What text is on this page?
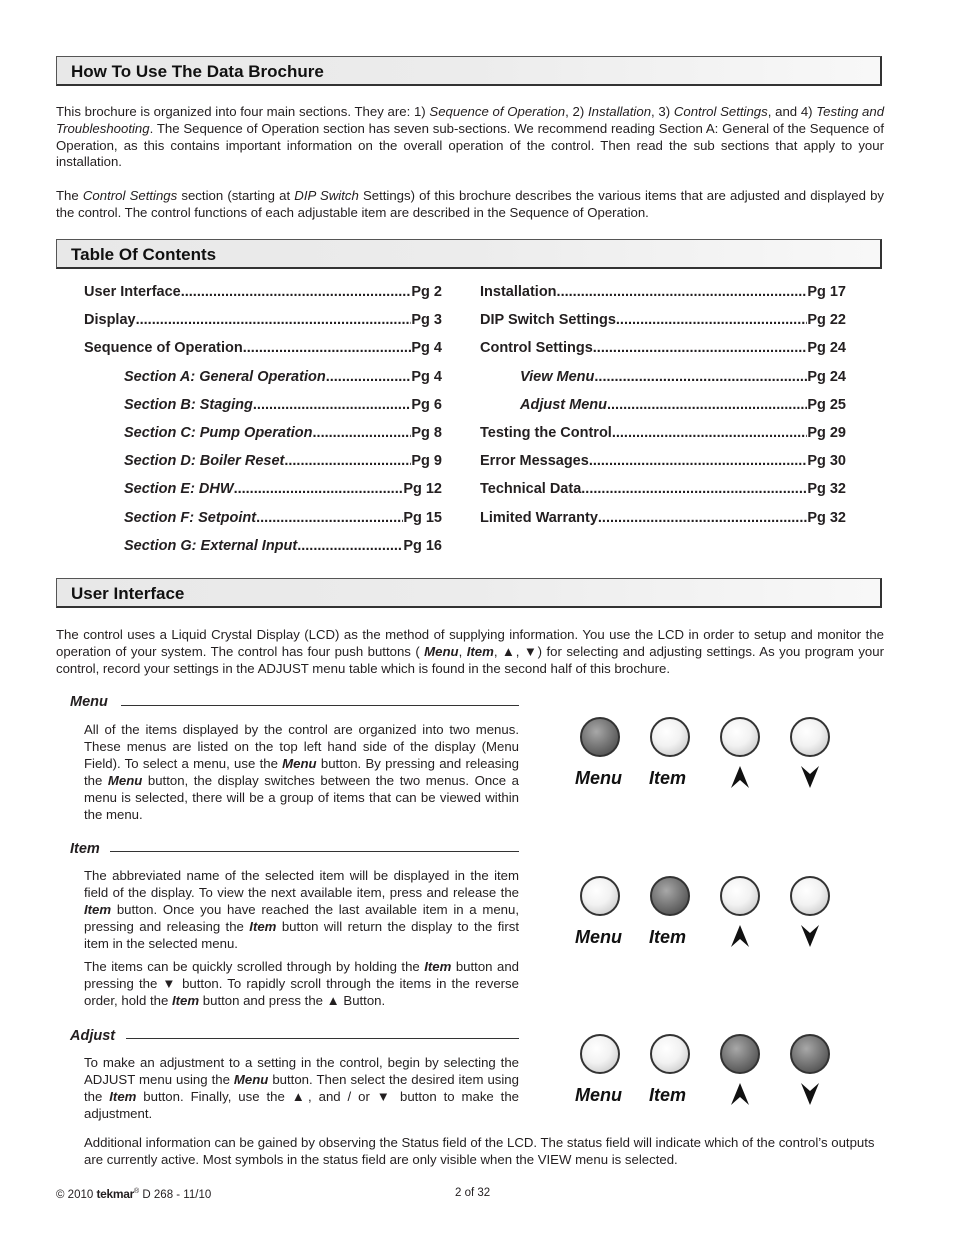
How To Use The Data Brochure

This brochure is organized into four main sections. They are: 1) Sequence of Operation, 2) Installation, 3) Control Settings, and 4) Testing and Troubleshooting. The Sequence of Operation section has seven sub-sections. We recommend reading Section A: General of the Sequence of Operation, as this contains important information on the overall operation of the control. Then read the sub sections that apply to your installation.

The Control Settings section (starting at DIP Switch Settings) of this brochure describes the various items that are adjusted and displayed by the control. The control functions of each adjustable item are described in the Sequence of Operation.

Table Of Contents
User Interface .....	Pg 2
Display .....	Pg 3
Sequence of Operation .....	Pg 4
Section A: General Operation .....	Pg 4
Section B: Staging .....	Pg 6
Section C: Pump Operation .....	Pg 8
Section D: Boiler Reset .....	Pg 9
Section E: DHW .....	Pg 12
Section F: Setpoint .....	Pg 15
Section G: External Input .....	Pg 16
Installation .....	Pg 17
DIP Switch Settings .....	Pg 22
Control Settings .....	Pg 24
View Menu .....	Pg 24
Adjust Menu .....	Pg 25
Testing the Control .....	Pg 29
Error Messages .....	Pg 30
Technical Data .....	Pg 32
Limited Warranty .....	Pg 32
User Interface

The control uses a Liquid Crystal Display (LCD) as the method of supplying information. You use the LCD in order to setup and monitor the operation of your system. The control has four push buttons ( Menu, Item, ▲, ▼) for selecting and adjusting settings. As you program your control, record your settings in the ADJUST menu table which is found in the second half of this brochure.

Menu

All of the items displayed by the control are organized into two menus. These menus are listed on the top left hand side of the display (Menu Field). To select a menu, use the Menu button. By pressing and releasing the Menu button, the display switches between the two menus. Once a menu is selected, there will be a group of items that can be viewed within the menu.

Item

The abbreviated name of the selected item will be displayed in the item field of the display. To view the next available item, press and release the Item button. Once you have reached the last available item in a menu, pressing and releasing the Item button will return the display to the first item in the selected menu.

The items can be quickly scrolled through by holding the Item button and pressing the ▼ button. To rapidly scroll through the items in the reverse order, hold the Item button and press the ▲ Button.

Adjust

To make an adjustment to a setting in the control, begin by selecting the ADJUST menu using the Menu button. Then select the desired item using the Item button. Finally, use the ▲, and / or ▼ button to make the adjustment.

Additional information can be gained by observing the Status field of the LCD. The status field will indicate which of the control’s outputs are currently active. Most symbols in the status field are only visible when the VIEW menu is selected.

Menu Item
Menu Item
Menu Item
© 2010 tekmar® D 268 - 11/10	2 of 32
